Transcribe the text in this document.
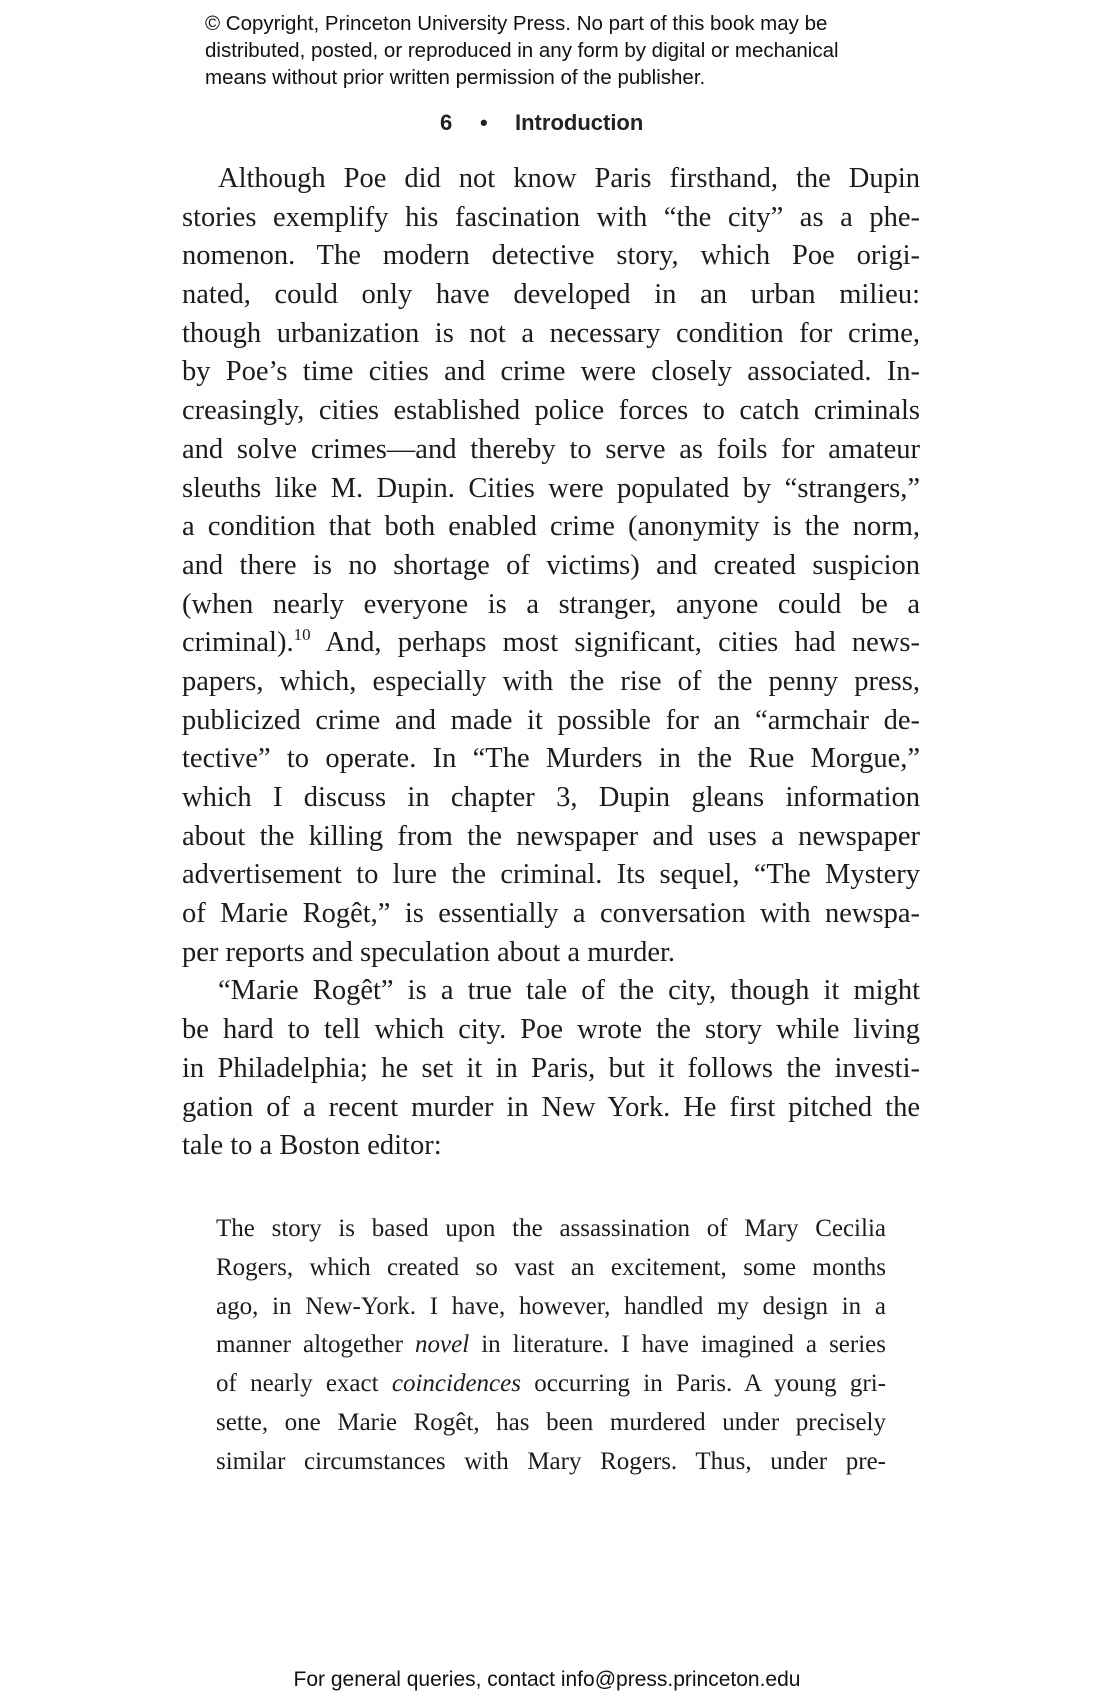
© Copyright, Princeton University Press. No part of this book may be
distributed, posted, or reproduced in any form by digital or mechanical
means without prior written permission of the publisher.
6 • Introduction
Although Poe did not know Paris firsthand, the Dupin
stories exemplify his fascination with “the city” as a phe-
nomenon. The modern detective story, which Poe origi-
nated, could only have developed in an urban milieu:
though urbanization is not a necessary condition for crime,
by Poe’s time cities and crime were closely associated. In-
creasingly, cities established police forces to catch criminals
and solve crimes—and thereby to serve as foils for amateur
sleuths like M. Dupin. Cities were populated by “strangers,”
a condition that both enabled crime (anonymity is the norm,
and there is no shortage of victims) and created suspicion
(when nearly everyone is a stranger, anyone could be a
criminal).$^{10}$ And, perhaps most significant, cities had news-
papers, which, especially with the rise of the penny press,
publicized crime and made it possible for an “armchair de-
tective” to operate. In “The Murders in the Rue Morgue,”
which I discuss in chapter 3, Dupin gleans information
about the killing from the newspaper and uses a newspaper
advertisement to lure the criminal. Its sequel, “The Mystery
of Marie Rogêt,” is essentially a conversation with newspa-
per reports and speculation about a murder.
“Marie Rogêt” is a true tale of the city, though it might
be hard to tell which city. Poe wrote the story while living
in Philadelphia; he set it in Paris, but it follows the investi-
gation of a recent murder in New York. He first pitched the
tale to a Boston editor:
The story is based upon the assassination of Mary Cecilia
Rogers, which created so vast an excitement, some months
ago, in New-York. I have, however, handled my design in a
manner altogether novel in literature. I have imagined a series
of nearly exact coincidences occurring in Paris. A young gri-
sette, one Marie Rogêt, has been murdered under precisely
similar circumstances with Mary Rogers. Thus, under pre-
For general queries, contact info@press.princeton.edu
